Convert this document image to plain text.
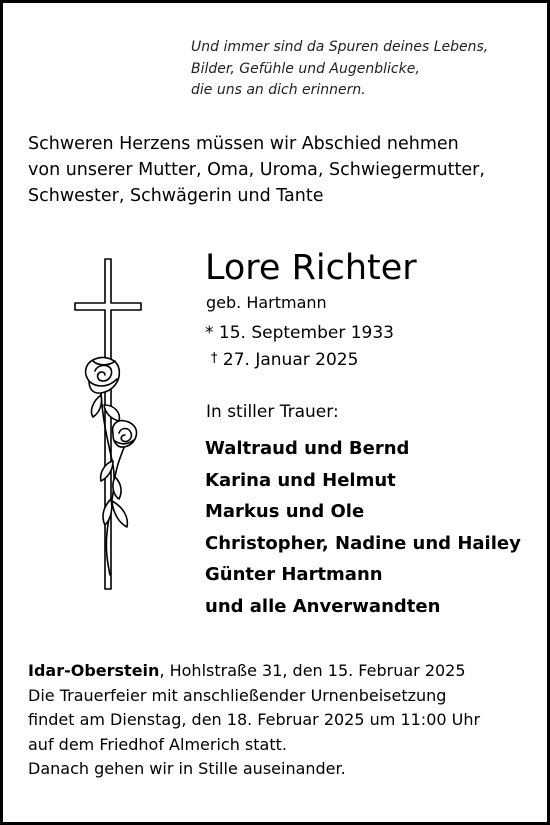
Und immer sind da Spuren deines Lebens,
Bilder, Gefühle und Augenblicke,
die uns an dich erinnern.
Schweren Herzens müssen wir Abschied nehmen
von unserer Mutter, Oma, Uroma, Schwiegermutter,
Schwester, Schwägerin und Tante
Lore Richter
geb. Hartmann
* 15. September 1933
† 27. Januar 2025
In stiller Trauer:
Waltraud und Bernd
Karina und Helmut
Markus und Ole
Christopher, Nadine und Hailey
Günter Hartmann
und alle Anverwandten
Idar-Oberstein, Hohlstraße 31, den 15. Februar 2025
Die Trauerfeier mit anschließender Urnenbeisetzung
findet am Dienstag, den 18. Februar 2025 um 11:00 Uhr
auf dem Friedhof Almerich statt.
Danach gehen wir in Stille auseinander.
